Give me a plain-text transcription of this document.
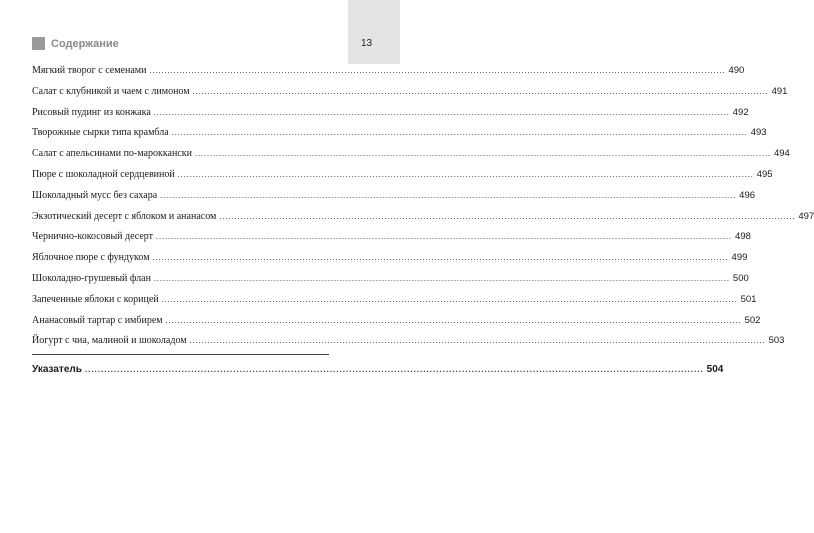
13
Содержание
Мягкий творог с семенами ................................................................................................................................................................................................ 490
Салат с клубникой и чаем с лимоном ................................................................................................................................................................................................ 491
Рисовый пудинг из конжака ................................................................................................................................................................................................ 492
Творожные сырки типа крамбла ................................................................................................................................................................................................ 493
Салат с апельсинами по-мароккански ................................................................................................................................................................................................ 494
Пюре с шоколадной сердцевиной ................................................................................................................................................................................................ 495
Шоколадный мусс без сахара ................................................................................................................................................................................................ 496
Экзотический десерт с яблоком и ананасом ................................................................................................................................................................................................ 497
Чернично-кокосовый десерт ................................................................................................................................................................................................ 498
Яблочное пюре с фундуком ................................................................................................................................................................................................ 499
Шоколадно-грушевый флан ................................................................................................................................................................................................ 500
Запеченные яблоки с корицей ................................................................................................................................................................................................ 501
Ананасовый тартар с имбирем ................................................................................................................................................................................................ 502
Йогурт с чиа, малиной и шоколадом ................................................................................................................................................................................................ 503
Указатель ................................................................................................................................................................................................ 504
